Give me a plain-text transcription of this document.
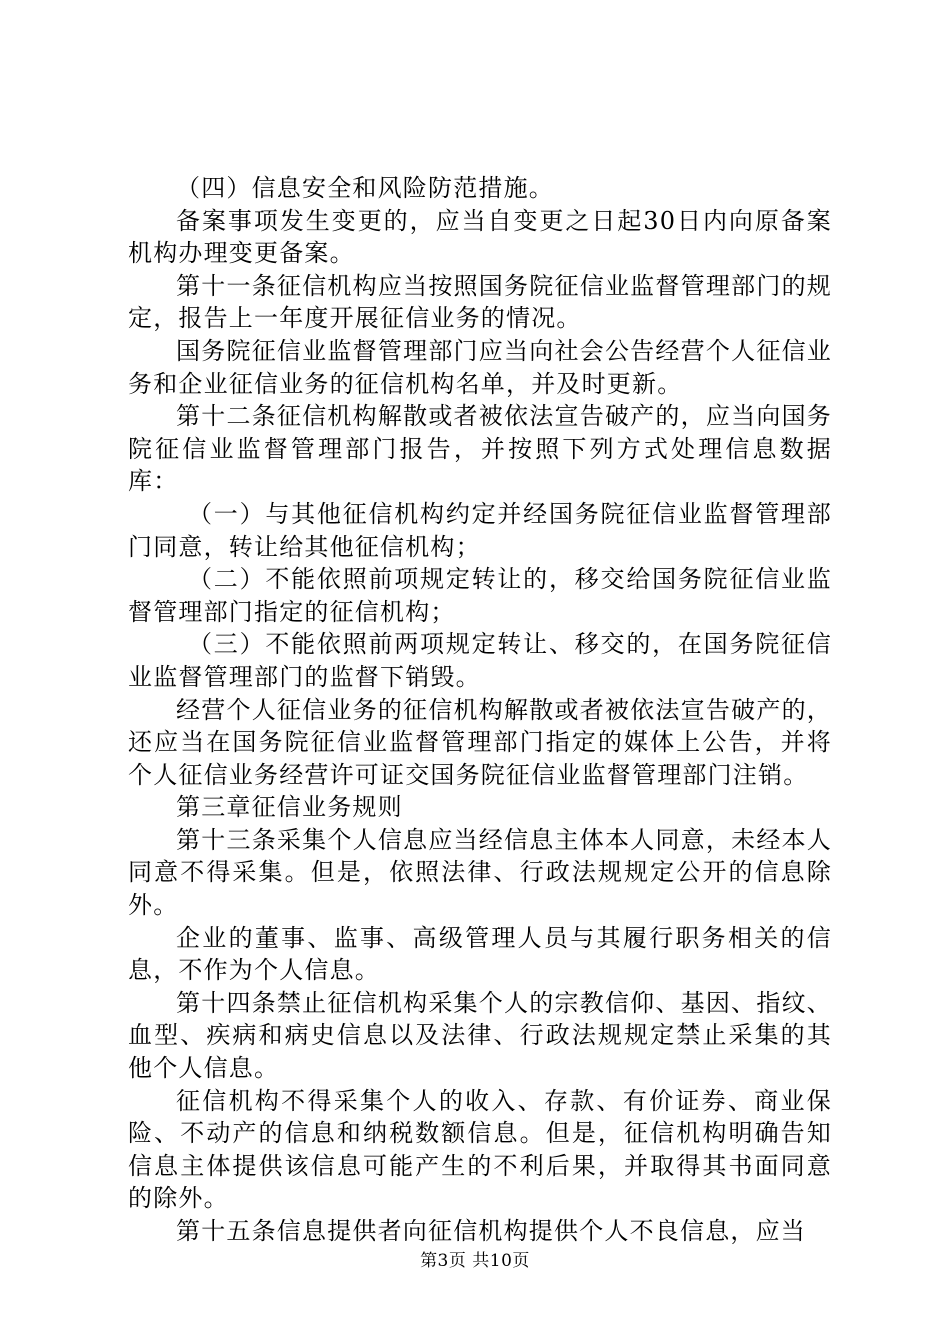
（四）信息安全和风险防范措施。

备案事项发生变更的，应当自变更之日起30日内向原备案机构办理变更备案。

第十一条征信机构应当按照国务院征信业监督管理部门的规定，报告上一年度开展征信业务的情况。

国务院征信业监督管理部门应当向社会公告经营个人征信业务和企业征信业务的征信机构名单，并及时更新。

第十二条征信机构解散或者被依法宣告破产的，应当向国务院征信业监督管理部门报告，并按照下列方式处理信息数据库：

（一）与其他征信机构约定并经国务院征信业监督管理部门同意，转让给其他征信机构；

（二）不能依照前项规定转让的，移交给国务院征信业监督管理部门指定的征信机构；

（三）不能依照前两项规定转让、移交的，在国务院征信业监督管理部门的监督下销毁。

经营个人征信业务的征信机构解散或者被依法宣告破产的，还应当在国务院征信业监督管理部门指定的媒体上公告，并将个人征信业务经营许可证交国务院征信业监督管理部门注销。

第三章征信业务规则

第十三条采集个人信息应当经信息主体本人同意，未经本人同意不得采集。但是，依照法律、行政法规规定公开的信息除外。

企业的董事、监事、高级管理人员与其履行职务相关的信息，不作为个人信息。

第十四条禁止征信机构采集个人的宗教信仰、基因、指纹、血型、疾病和病史信息以及法律、行政法规规定禁止采集的其他个人信息。

征信机构不得采集个人的收入、存款、有价证券、商业保险、不动产的信息和纳税数额信息。但是，征信机构明确告知信息主体提供该信息可能产生的不利后果，并取得其书面同意的除外。

第十五条信息提供者向征信机构提供个人不良信息，应当

第3页 共10页
